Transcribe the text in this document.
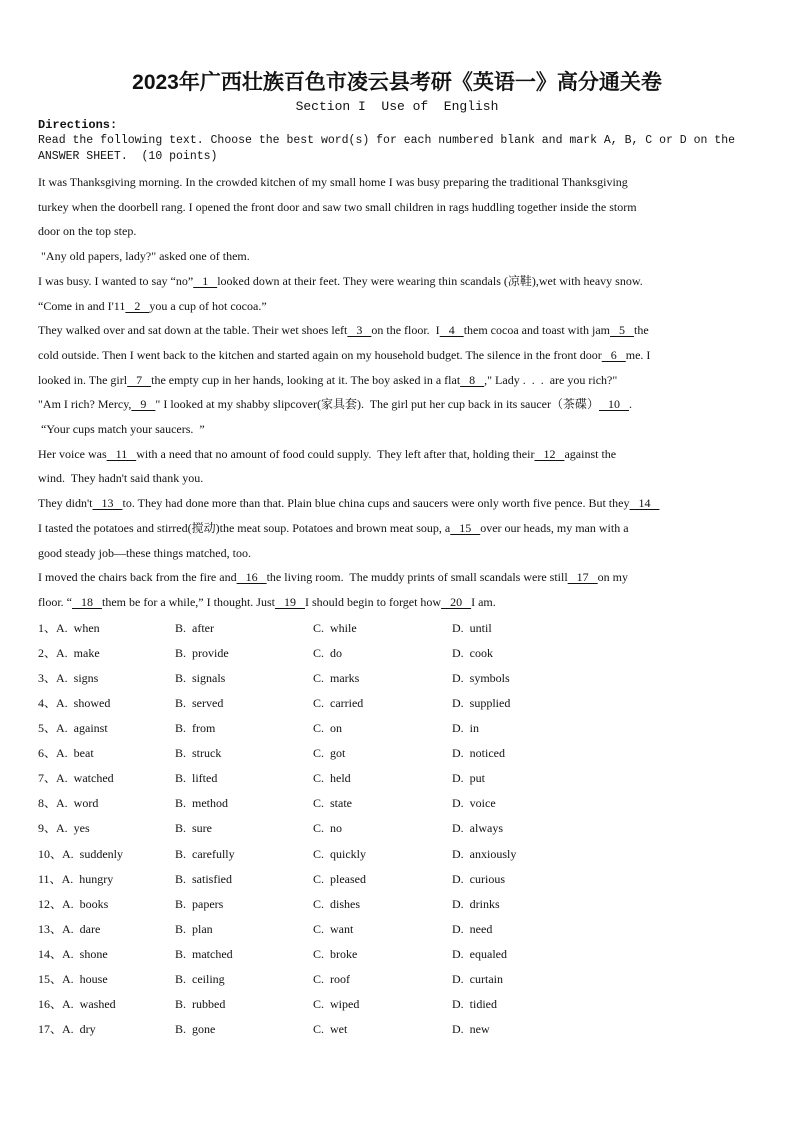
2023年广西壮族百色市凌云县考研《英语一》高分通关卷
Section I  Use of  English
Directions:
Read the following text. Choose the best word(s) for each numbered blank and mark A, B, C or D on the
ANSWER SHEET.  (10 points)
It was Thanksgiving morning. In the crowded kitchen of my small home I was busy preparing the traditional Thanksgiving
turkey when the doorbell rang. I opened the front door and saw two small children in rags huddling together inside the storm
door on the top step.
"Any old papers, lady?" asked one of them.
I was busy. I wanted to say “no”   1   looked down at their feet. They were wearing thin scandals (凉鞋),wet with heavy snow.
“Come in and I'11   2   you a cup of hot cocoa.”
They walked over and sat down at the table. Their wet shoes left   3   on the floor.  I   4   them cocoa and toast with jam   5   the
cold outside. Then I went back to the kitchen and started again on my household budget. The silence in the front door   6   me. I
looked in. The girl   7   the empty cup in her hands, looking at it. The boy asked in a flat   8   ," Lady .  .  .  are you rich?"
"Am I rich? Mercy,   9   " I looked at my shabby slipcover(家具套).  The girl put her cup back in its saucer（茶碟）   10   .
“Your cups match your saucers.  ”
Her voice was   11   with a need that no amount of food could supply.  They left after that, holding their   12   against the
wind.  They hadn't said thank you.
They didn't   13   to. They had done more than that. Plain blue china cups and saucers were only worth five pence. But they   14
I tasted the potatoes and stirred(搅动)the meat soup. Potatoes and brown meat soup, a   15   over our heads, my man with a
good steady job—these things matched, too.
I moved the chairs back from the fire and   16   the living room.  The muddy prints of small scandals were still   17   on my
floor. “   18   them be for a while,” I thought. Just   19   I should begin to forget how   20   I am.
1、A.  when	B.  after	C.  while	D.  until
2、A.  make	B.  provide	C.  do	D.  cook
3、A.  signs	B.  signals	C.  marks	D.  symbols
4、A.  showed	B.  served	C.  carried	D.  supplied
5、A.  against	B.  from	C.  on	D.  in
6、A.  beat	B.  struck	C.  got	D.  noticed
7、A.  watched	B.  lifted	C.  held	D.  put
8、A.  word	B.  method	C.  state	D.  voice
9、A.  yes	B.  sure	C.  no	D.  always
10、A.  suddenly	B.  carefully	C.  quickly	D.  anxiously
11、A.  hungry	B.  satisfied	C.  pleased	D.  curious
12、A.  books	B.  papers	C.  dishes	D.  drinks
13、A.  dare	B.  plan	C.  want	D.  need
14、A.  shone	B.  matched	C.  broke	D.  equaled
15、A.  house	B.  ceiling	C.  roof	D.  curtain
16、A.  washed	B.  rubbed	C.  wiped	D.  tidied
17、A.  dry	B.  gone	C.  wet	D.  new
